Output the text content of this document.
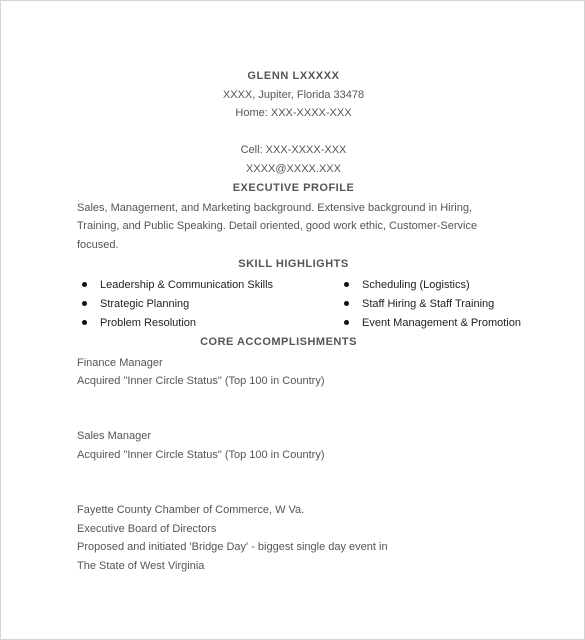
GLENN LXXXXX
XXXX, Jupiter, Florida 33478
Home: XXX-XXXX-XXX
Cell: XXX-XXXX-XXX
XXXX@XXXX.XXX
EXECUTIVE PROFILE
Sales, Management, and Marketing background. Extensive background in Hiring,
Training, and Public Speaking. Detail oriented, good work ethic, Customer-Service
focused.
SKILL HIGHLIGHTS
Leadership & Communication Skills
Strategic Planning
Problem Resolution
Scheduling (Logistics)
Staff Hiring & Staff Training
Event Management & Promotion
CORE ACCOMPLISHMENTS
Finance Manager
Acquired "Inner Circle Status" (Top 100 in Country)
Sales Manager
Acquired "Inner Circle Status" (Top 100 in Country)
Fayette County Chamber of Commerce, W Va.
Executive Board of Directors
Proposed and initiated 'Bridge Day' - biggest single day event in
The State of West Virginia
